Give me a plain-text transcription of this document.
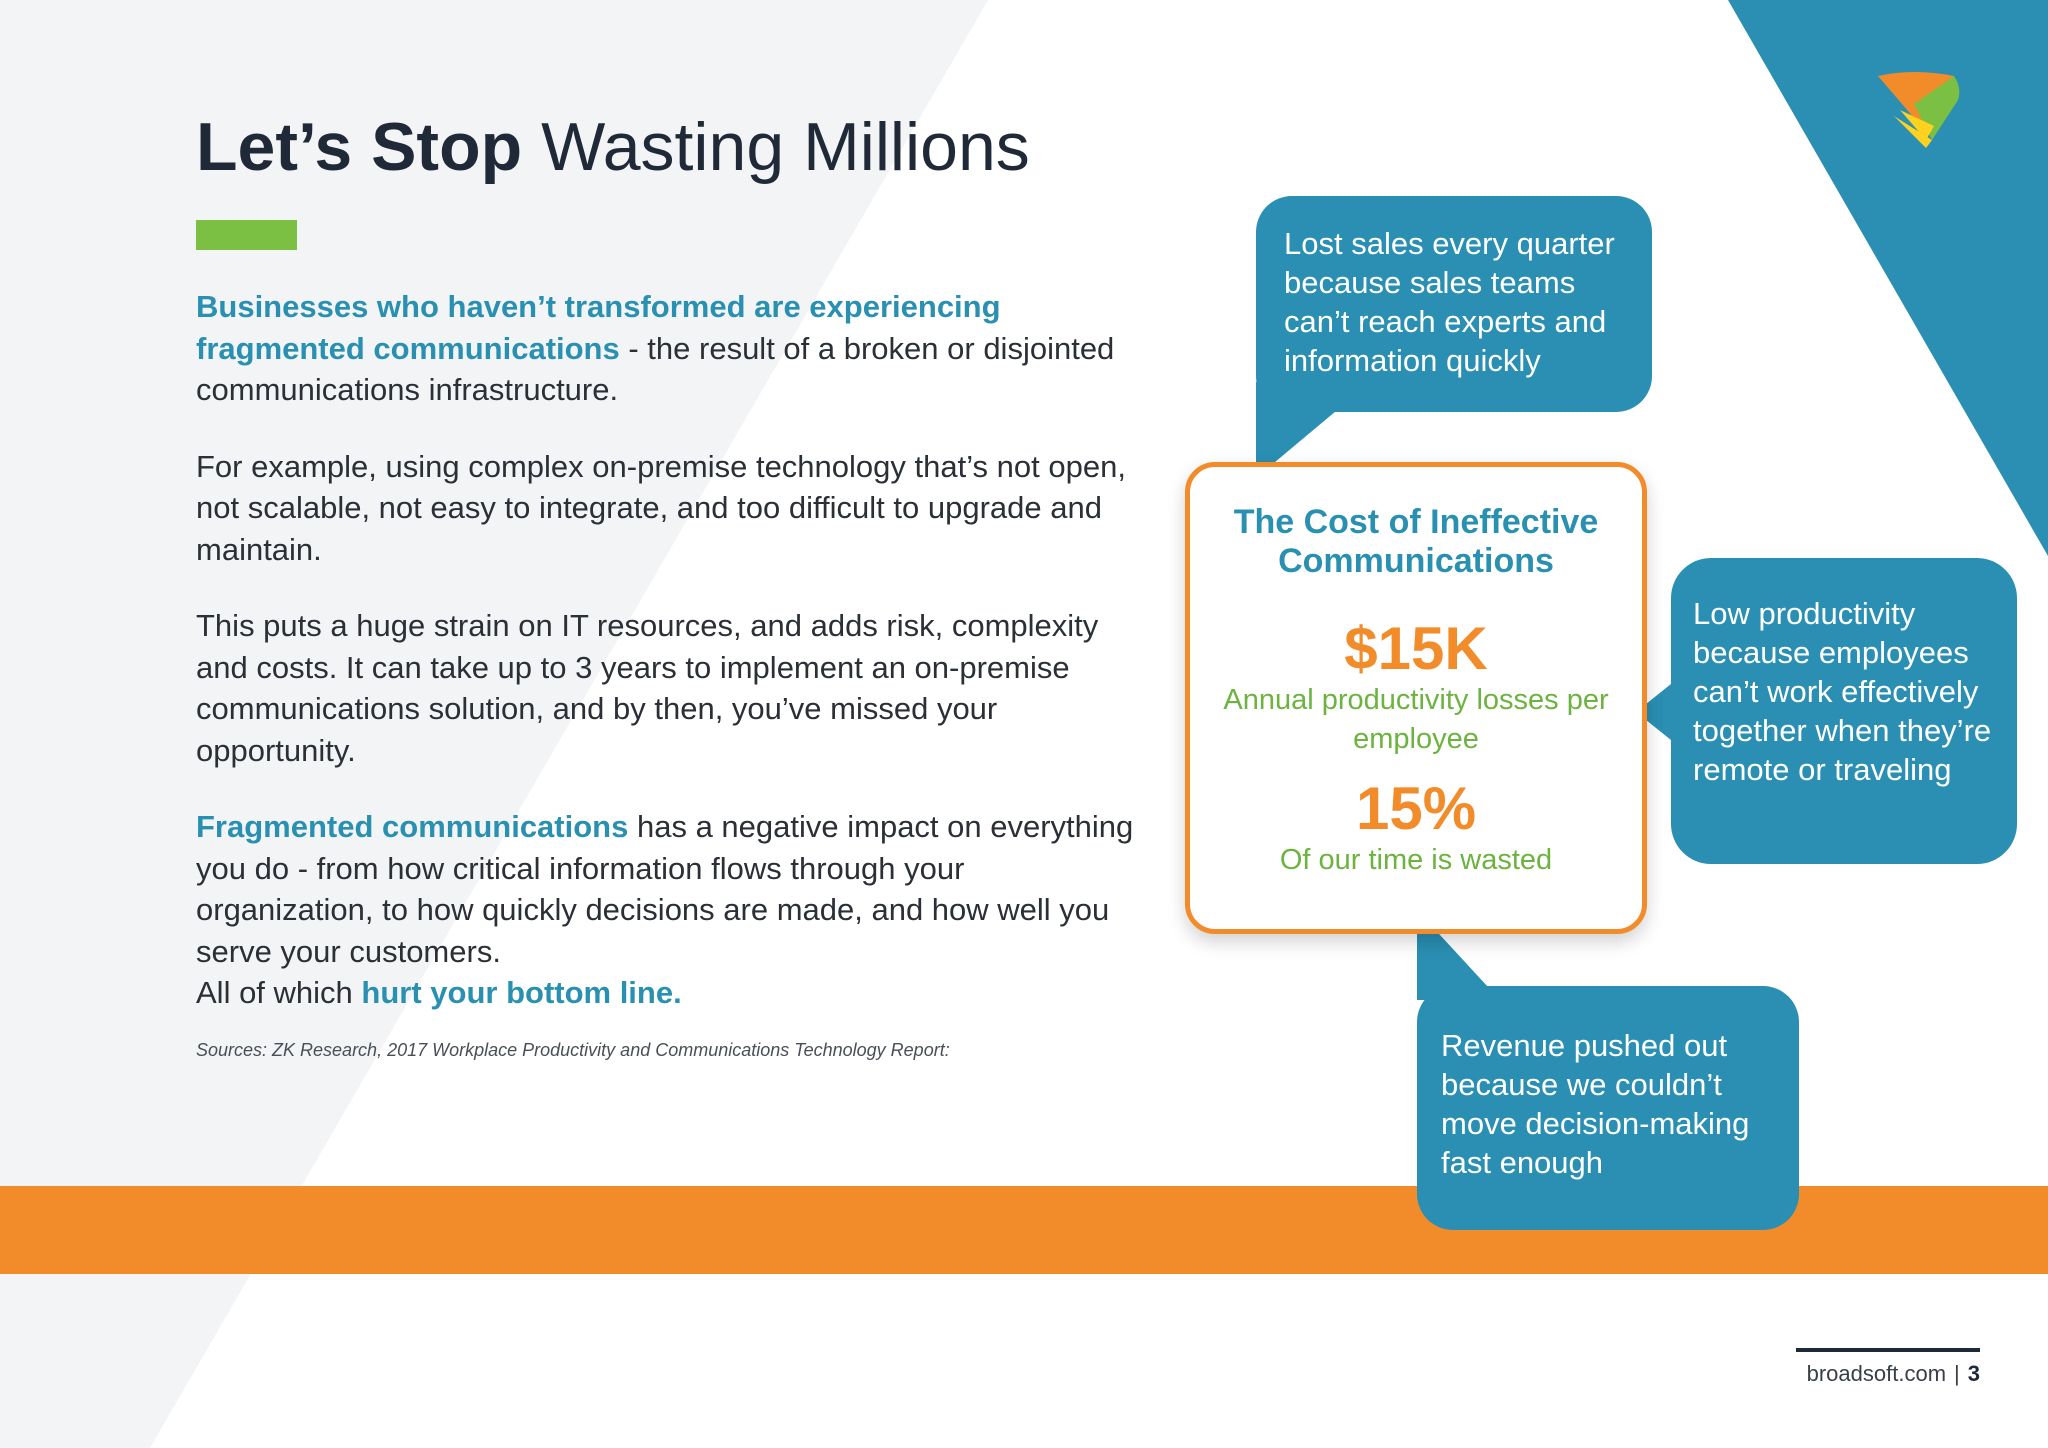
Let’s Stop Wasting Millions

Businesses who haven’t transformed are experiencing fragmented communications - the result of a broken or disjointed communications infrastructure.

For example, using complex on-premise technology that’s not open, not scalable, not easy to integrate, and too difficult to upgrade and maintain.

This puts a huge strain on IT resources, and adds risk, complexity and costs. It can take up to 3 years to implement an on-premise communications solution, and by then, you’ve missed your opportunity.

Fragmented communications has a negative impact on everything you do - from how critical information flows through your organization, to how quickly decisions are made, and how well you serve your customers.
All of which hurt your bottom line.

Sources: ZK Research, 2017 Workplace Productivity and Communications Technology Report:
Lost sales every quarter because sales teams can’t reach experts and information quickly
Low productivity because employees can’t work effectively together when they’re remote or traveling
Revenue pushed out because we couldn’t move decision-making fast enough
The Cost of Ineffective Communications
$15K
Annual productivity losses per employee
15%
Of our time is wasted
broadsoft.com | 3
